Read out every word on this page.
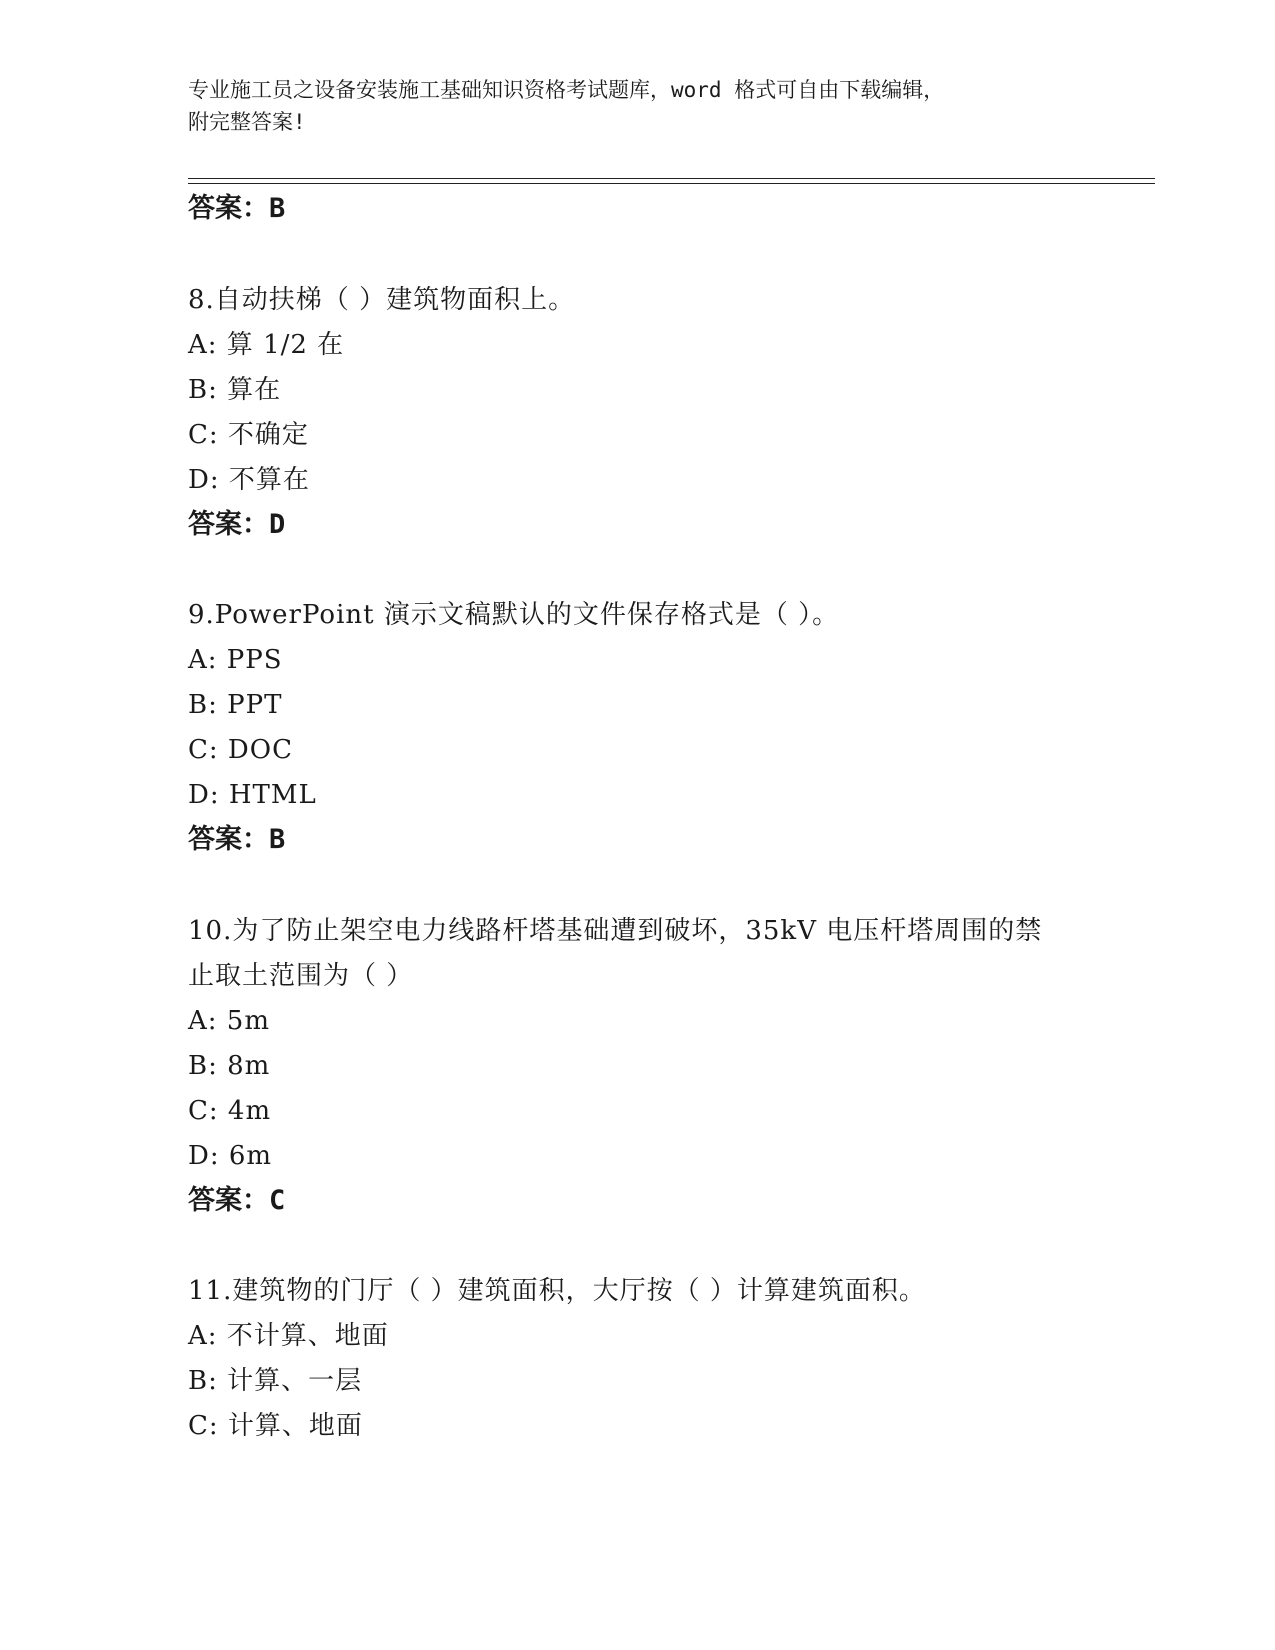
专业施工员之设备安装施工基础知识资格考试题库，word 格式可自由下载编辑，
附完整答案!
答案：B
8.自动扶梯（ ）建筑物面积上。
A: 算 1/2 在
B: 算在
C: 不确定
D: 不算在
答案：D
9.PowerPoint 演示文稿默认的文件保存格式是（ ）。
A: PPS
B: PPT
C: DOC
D: HTML
答案：B
10.为了防止架空电力线路杆塔基础遭到破坏，35kV 电压杆塔周围的禁
止取土范围为（ ）
A: 5m
B: 8m
C: 4m
D: 6m
答案：C
11.建筑物的门厅（ ）建筑面积，大厅按（ ）计算建筑面积。
A: 不计算、地面
B: 计算、一层
C: 计算、地面
